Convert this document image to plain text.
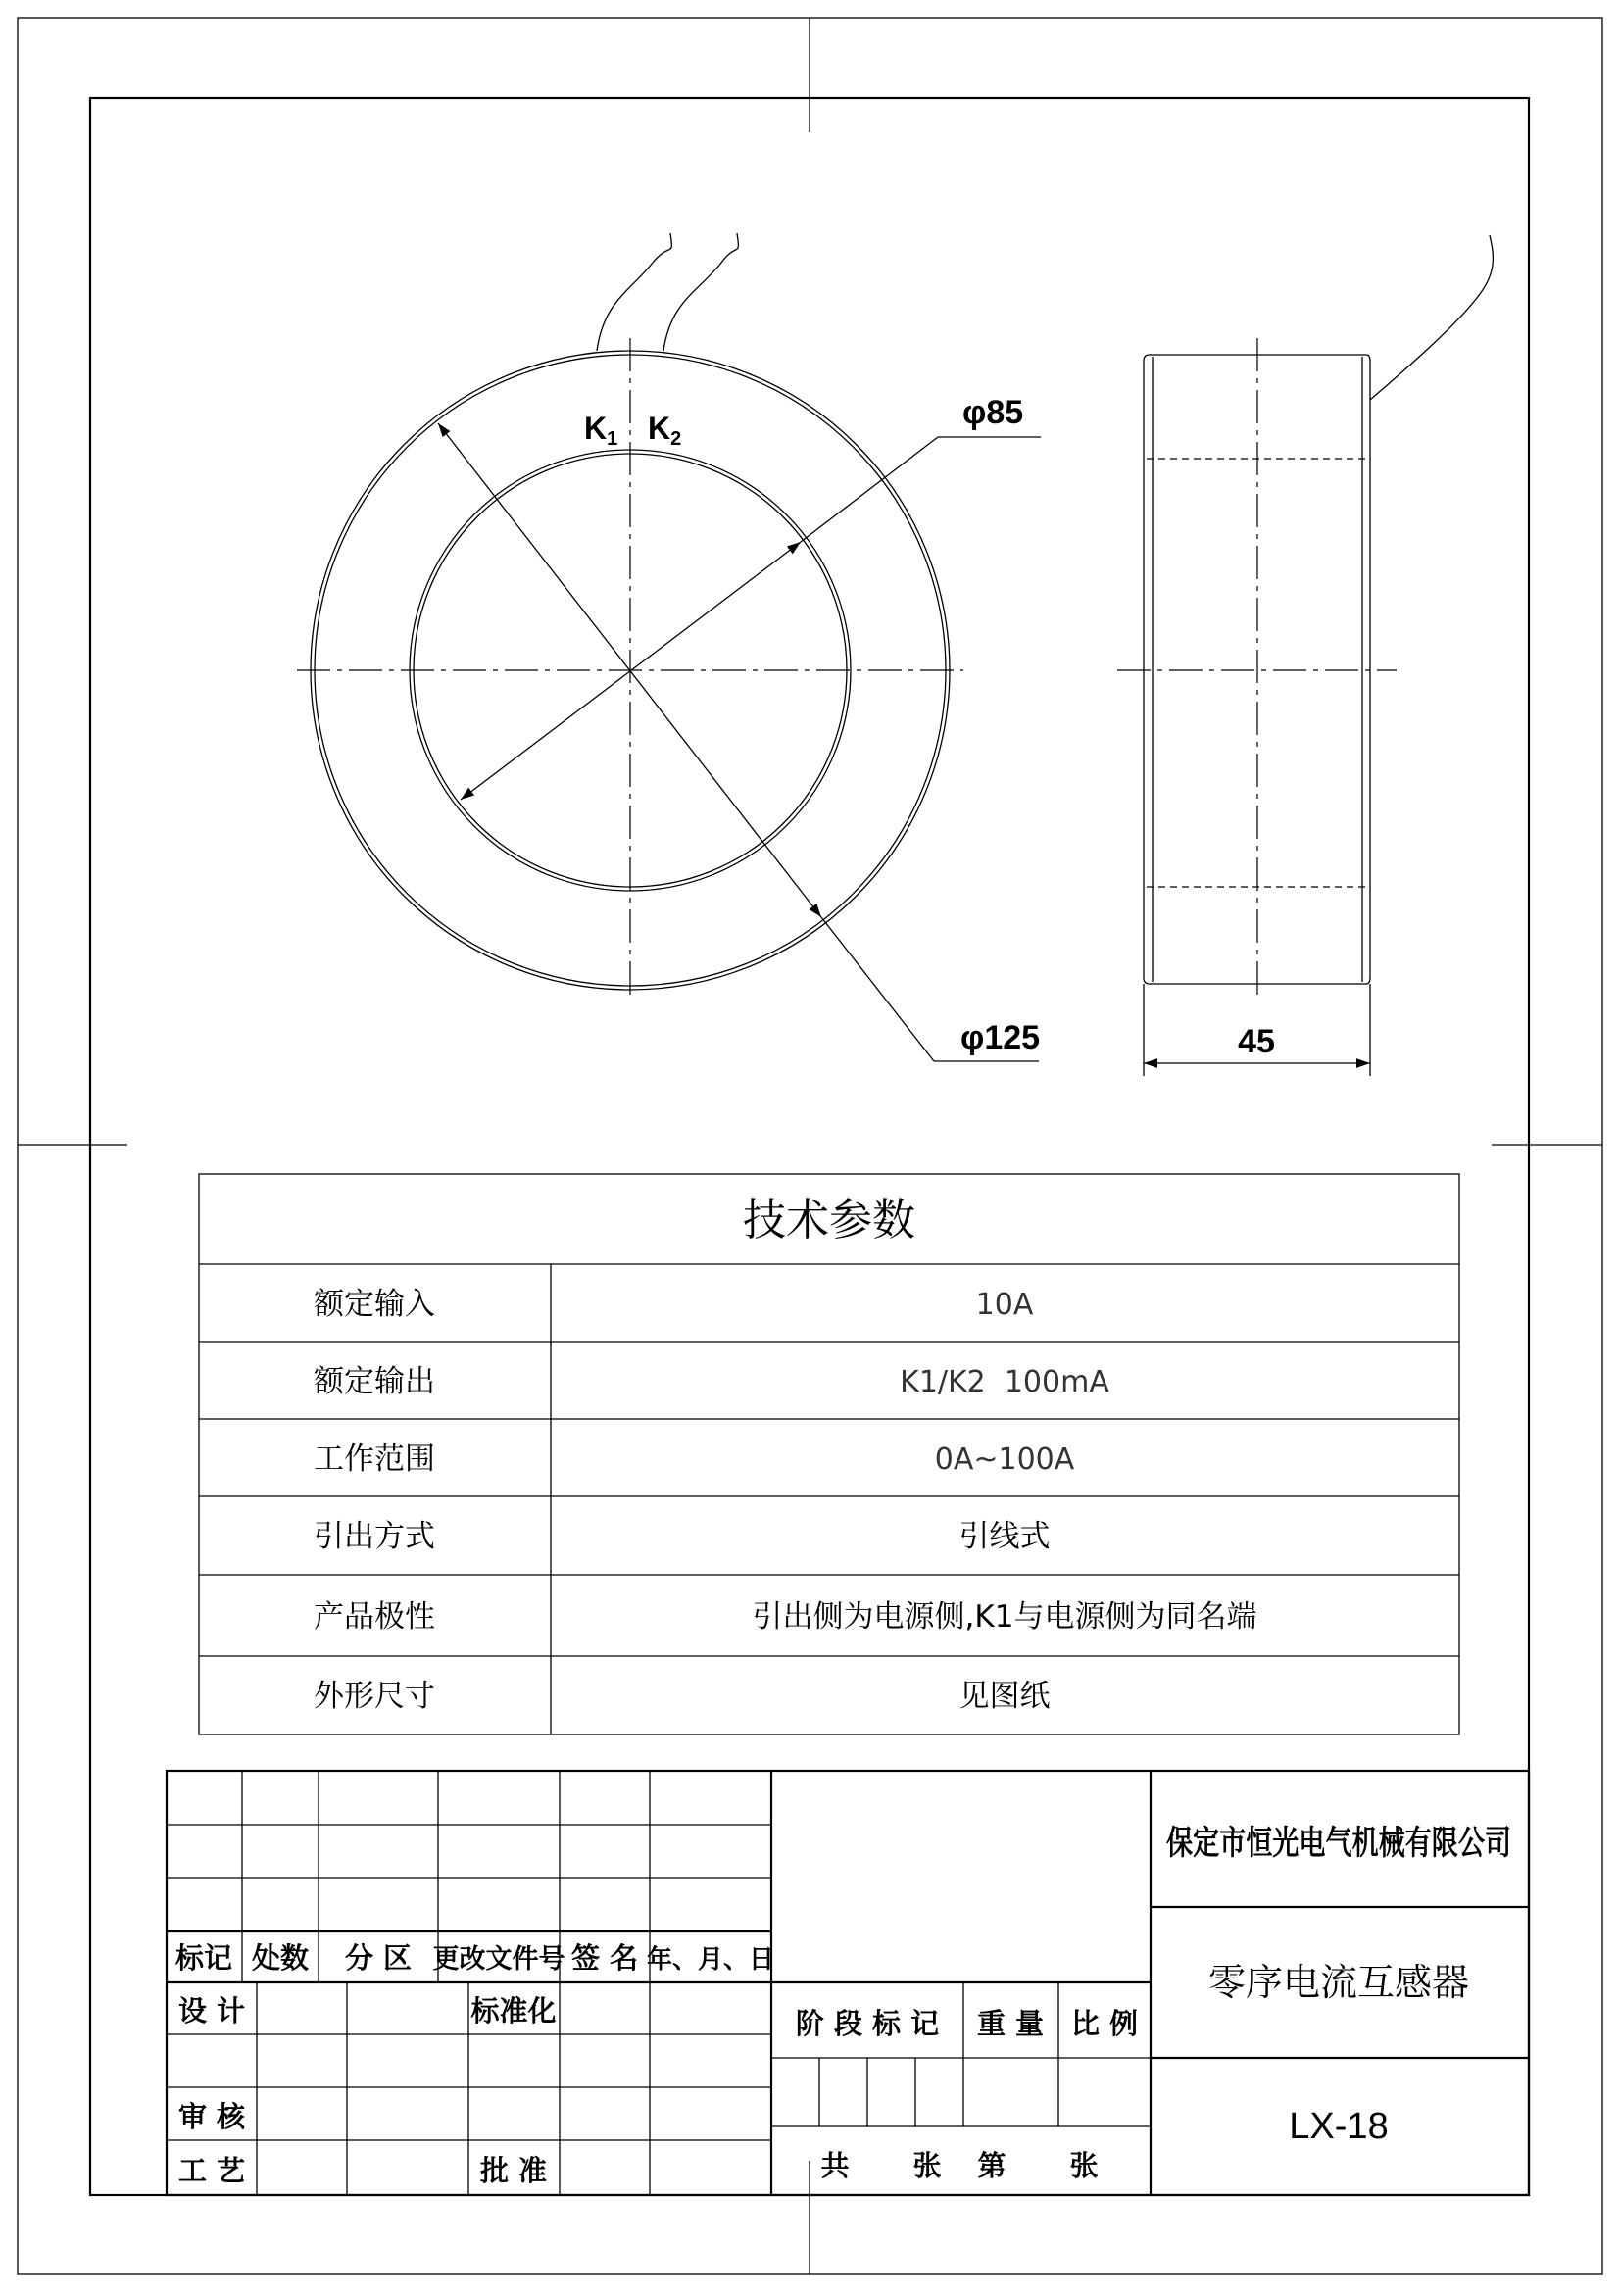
φ85
φ125
K1 K2
45
技术参数
额定输入	10A
额定输出	K1/K2  100mA
工作范围	0A~100A
引出方式	引线式
产品极性	引出侧为电源侧,K1与电源侧为同名端
外形尺寸	见图纸
标记 处数 分 区 更改文件号 签 名 年、月、日
设 计	标准化
审 核
工 艺	批 准
阶 段 标 记 重 量 比 例
共 张 第 张
保定市恒光电气机械有限公司
零序电流互感器
LX-18
